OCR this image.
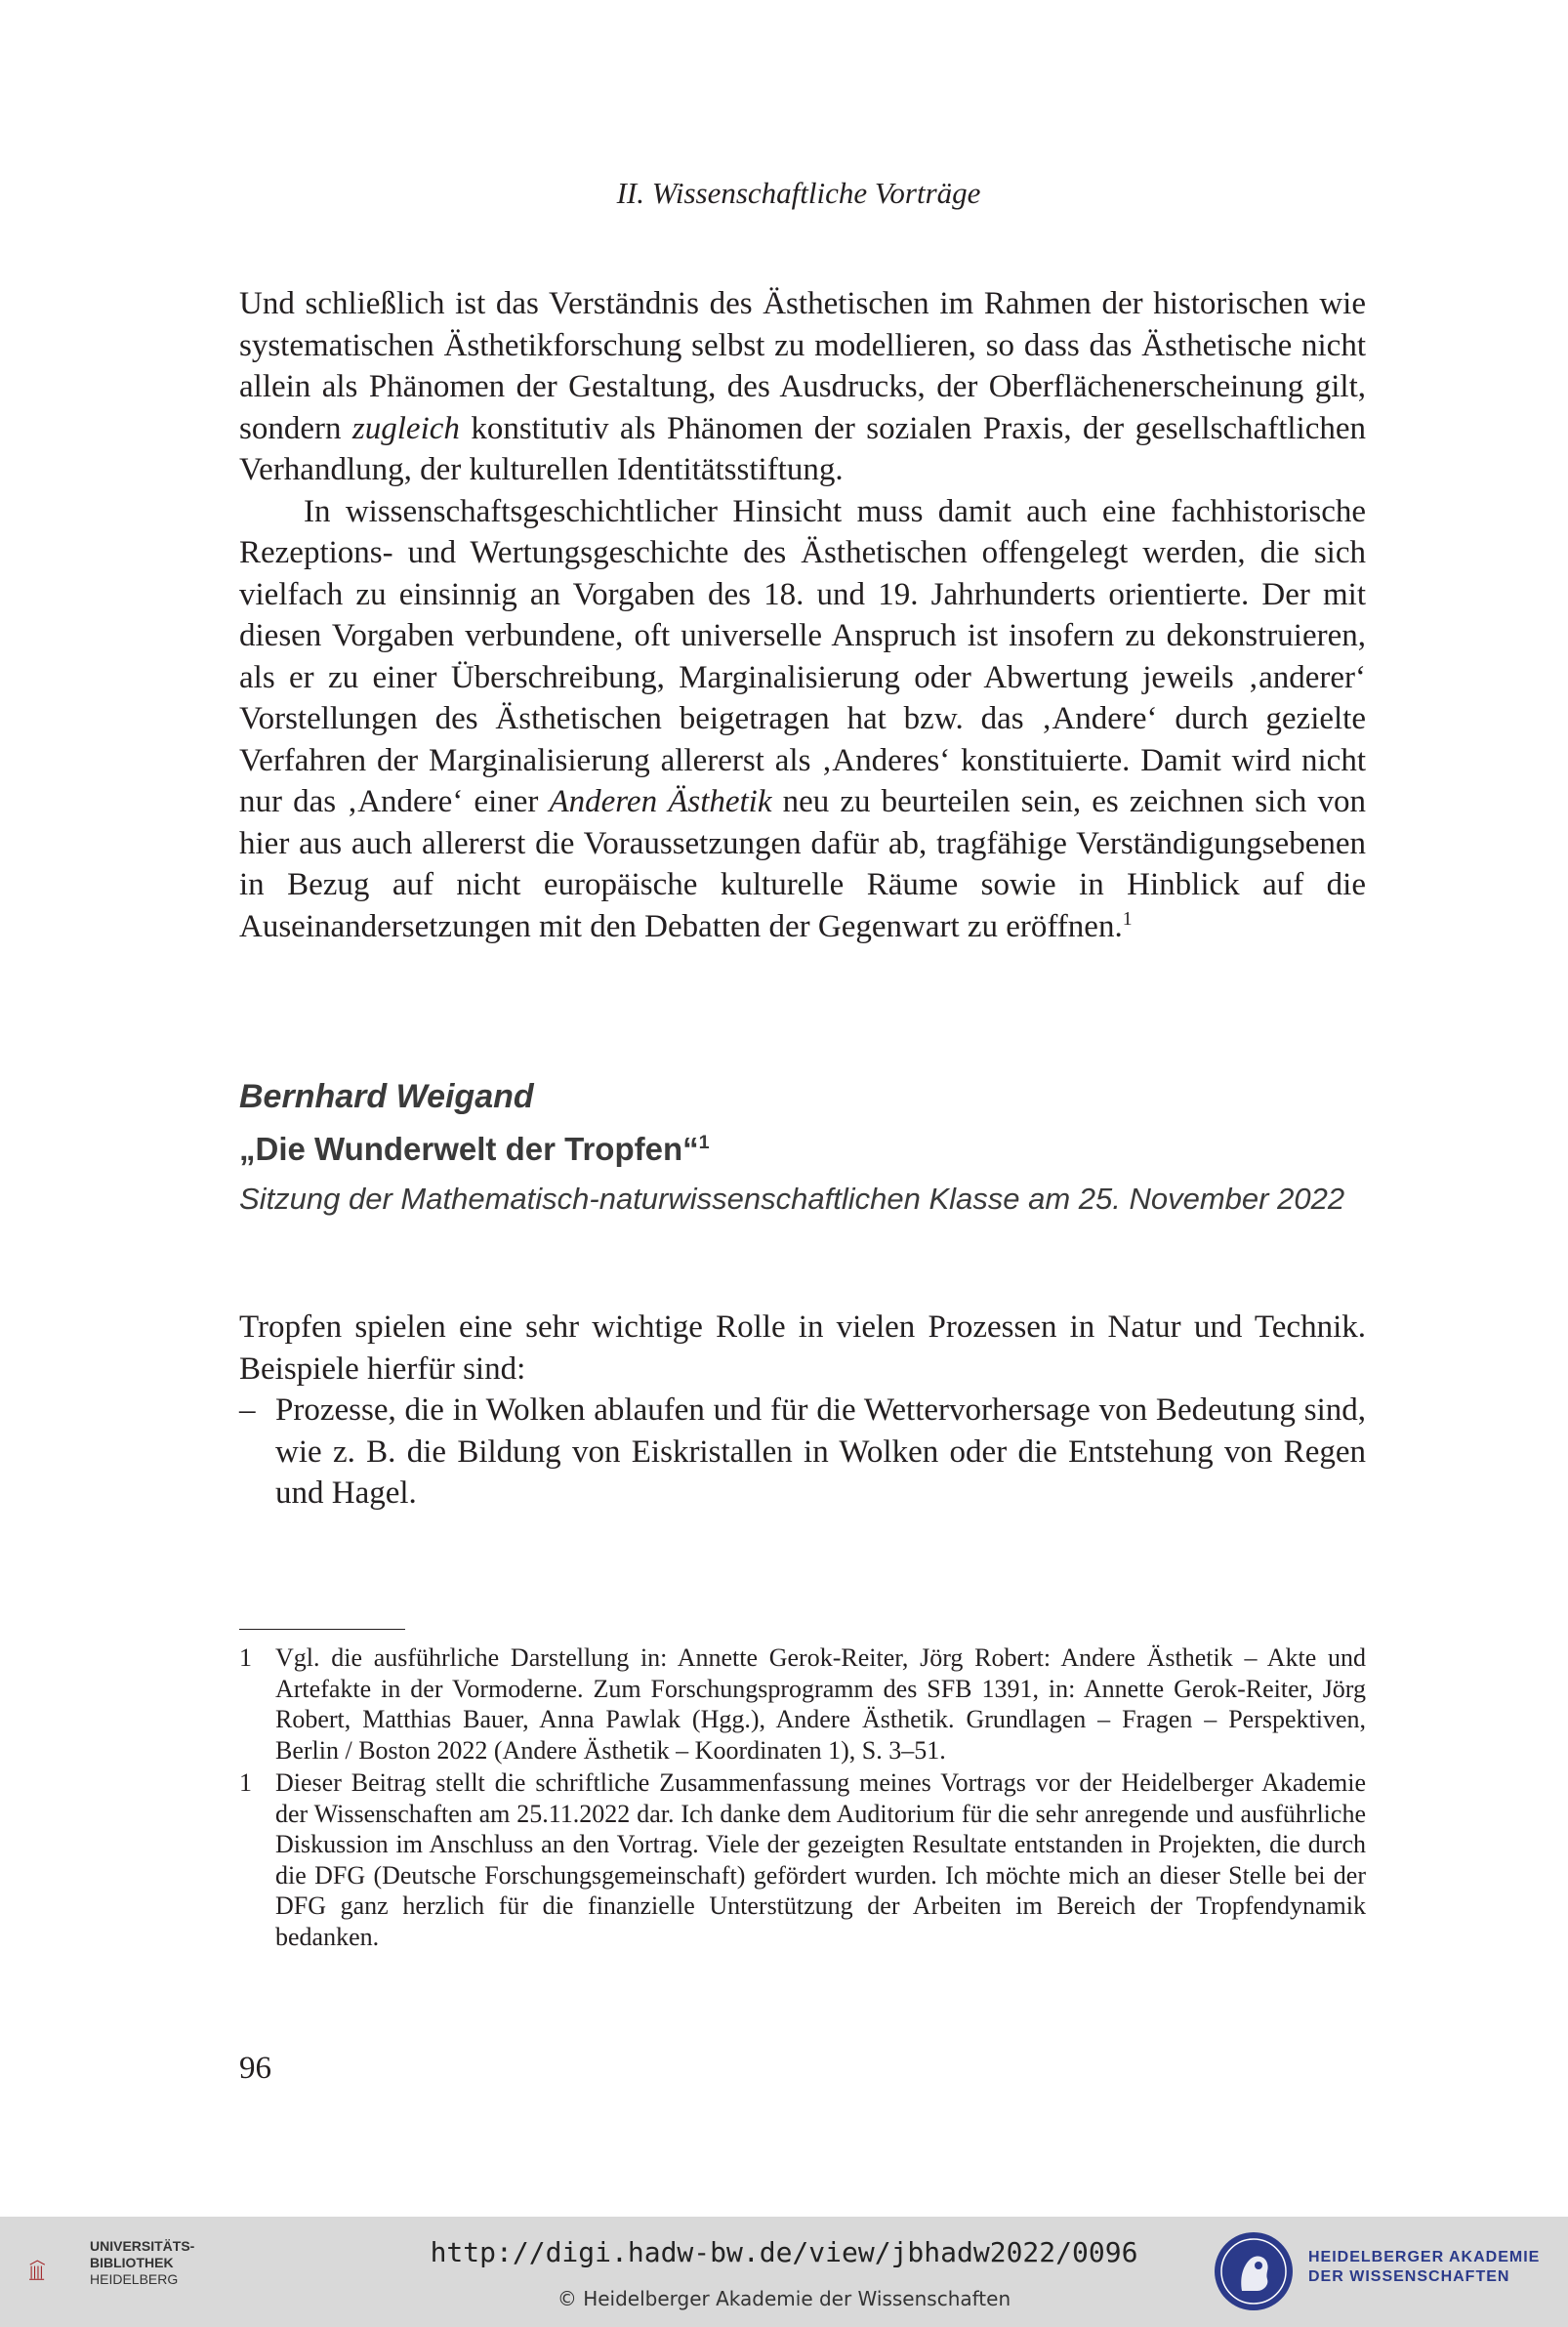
II. Wissenschaftliche Vorträge

Und schließlich ist das Verständnis des Ästhetischen im Rahmen der historischen wie systematischen Ästhetikforschung selbst zu modellieren, so dass das Ästhetische nicht allein als Phänomen der Gestaltung, des Ausdrucks, der Oberflächenerscheinung gilt, sondern zugleich konstitutiv als Phänomen der sozialen Praxis, der gesellschaftlichen Verhandlung, der kulturellen Identitätsstiftung.

In wissenschaftsgeschichtlicher Hinsicht muss damit auch eine fachhistorische Rezeptions- und Wertungsgeschichte des Ästhetischen offengelegt werden, die sich vielfach zu einsinnig an Vorgaben des 18. und 19. Jahrhunderts orientierte. Der mit diesen Vorgaben verbundene, oft universelle Anspruch ist insofern zu dekonstruieren, als er zu einer Überschreibung, Marginalisierung oder Abwertung jeweils ‚anderer‘ Vorstellungen des Ästhetischen beigetragen hat bzw. das ‚Andere‘ durch gezielte Verfahren der Marginalisierung allererst als ‚Anderes‘ konstituierte. Damit wird nicht nur das ‚Andere‘ einer Anderen Ästhetik neu zu beurteilen sein, es zeichnen sich von hier aus auch allererst die Voraussetzungen dafür ab, tragfähige Verständigungsebenen in Bezug auf nicht europäische kulturelle Räume sowie in Hinblick auf die Auseinandersetzungen mit den Debatten der Gegenwart zu eröffnen.$^1$

Bernhard Weigand
„Die Wunderwelt der Tropfen“$^1$
Sitzung der Mathematisch-naturwissenschaftlichen Klasse am 25. November 2022

Tropfen spielen eine sehr wichtige Rolle in vielen Prozessen in Natur und Technik. Beispiele hierfür sind:

– Prozesse, die in Wolken ablaufen und für die Wettervorhersage von Bedeutung sind, wie z. B. die Bildung von Eiskristallen in Wolken oder die Entstehung von Regen und Hagel.
1 Vgl. die ausführliche Darstellung in: Annette Gerok-Reiter, Jörg Robert: Andere Ästhetik – Akte und Artefakte in der Vormoderne. Zum Forschungsprogramm des SFB 1391, in: Annette Gerok-Reiter, Jörg Robert, Matthias Bauer, Anna Pawlak (Hgg.), Andere Ästhetik. Grundlagen – Fragen – Perspektiven, Berlin / Boston 2022 (Andere Ästhetik – Koordinaten 1), S. 3–51.
1 Dieser Beitrag stellt die schriftliche Zusammenfassung meines Vortrags vor der Heidelberger Akademie der Wissenschaften am 25.11.2022 dar. Ich danke dem Auditorium für die sehr anregende und ausführliche Diskussion im Anschluss an den Vortrag. Viele der gezeigten Resultate entstanden in Projekten, die durch die DFG (Deutsche Forschungsgemeinschaft) gefördert wurden. Ich möchte mich an dieser Stelle bei der DFG ganz herzlich für die finanzielle Unterstützung der Arbeiten im Bereich der Tropfendynamik bedanken.
96
UNIVERSITÄTS-
BIBLIOTHEK
HEIDELBERG
http://digi.hadw-bw.de/view/jbhadw2022/0096
© Heidelberger Akademie der Wissenschaften
HEIDELBERGER AKADEMIE
DER WISSENSCHAFTEN
